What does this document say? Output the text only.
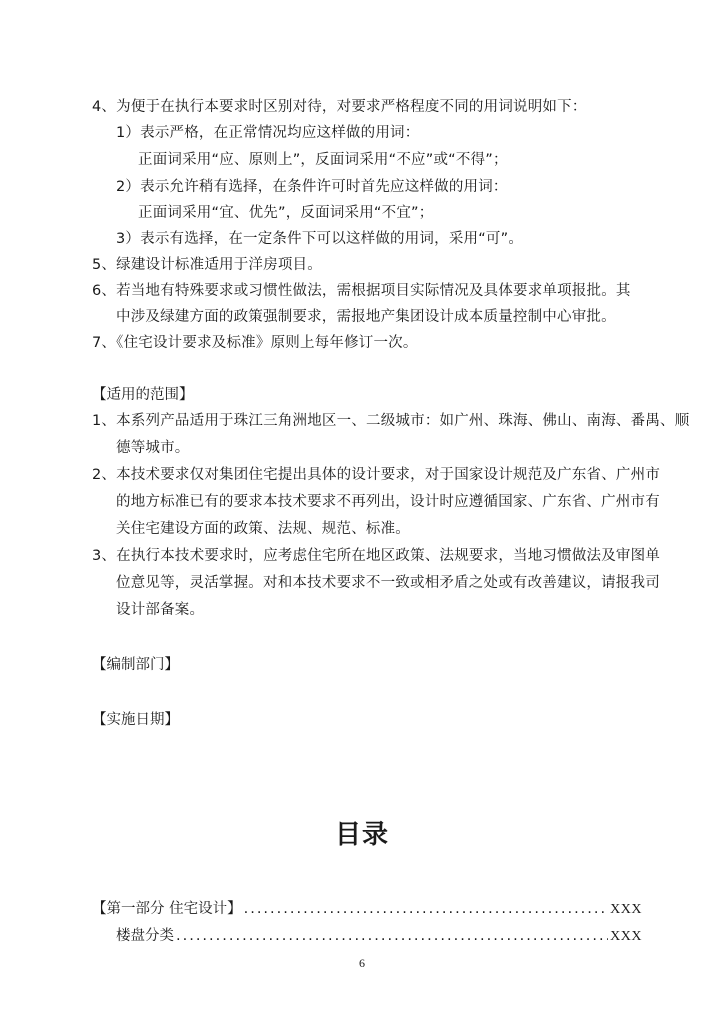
4、为便于在执行本要求时区别对待，对要求严格程度不同的用词说明如下：
1）表示严格，在正常情况均应这样做的用词：
正面词采用“应、原则上”，反面词采用“不应”或“不得”；
2）表示允许稍有选择，在条件许可时首先应这样做的用词：
正面词采用“宜、优先”，反面词采用“不宜”；
3）表示有选择，在一定条件下可以这样做的用词，采用“可”。
5、绿建设计标准适用于洋房项目。
6、若当地有特殊要求或习惯性做法，需根据项目实际情况及具体要求单项报批。其
中涉及绿建方面的政策强制要求，需报地产集团设计成本质量控制中心审批。
7、《住宅设计要求及标准》原则上每年修订一次。
【适用的范围】
1、本系列产品适用于珠江三角洲地区一、二级城市：如广州、珠海、佛山、南海、番禺、顺
德等城市。
2、本技术要求仅对集团住宅提出具体的设计要求，对于国家设计规范及广东省、广州市
的地方标准已有的要求本技术要求不再列出，设计时应遵循国家、广东省、广州市有
关住宅建设方面的政策、法规、规范、标准。
3、在执行本技术要求时，应考虑住宅所在地区政策、法规要求，当地习惯做法及审图单
位意见等，灵活掌握。对和本技术要求不一致或相矛盾之处或有改善建议，请报我司
设计部备案。
【编制部门】
【实施日期】
目录
【第一部分 住宅设计】 .....	XXX
楼盘分类 .....	XXX
6
